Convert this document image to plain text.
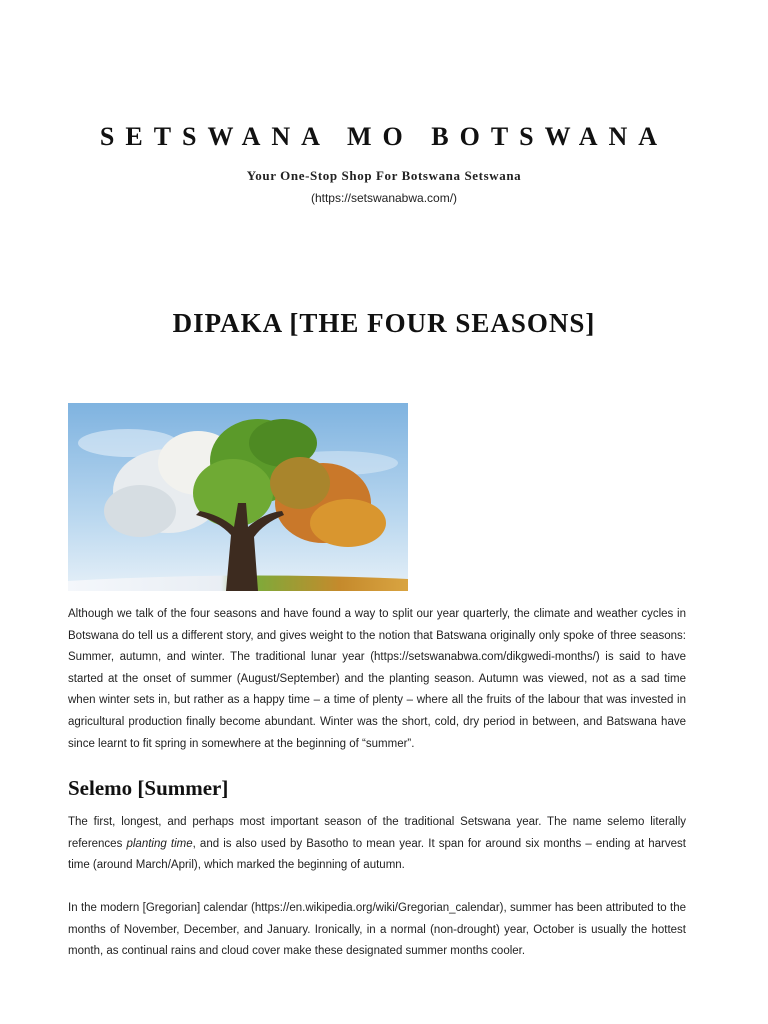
SETSWANA MO BOTSWANA
Your One-Stop Shop For Botswana Setswana
(https://setswanabwa.com/)
DIPAKA [THE FOUR SEASONS]

Although we talk of the four seasons and have found a way to split our year quarterly, the climate and weather cycles in Botswana do tell us a different story, and gives weight to the notion that Batswana originally only spoke of three seasons: Summer, autumn, and winter. The traditional lunar year (https://setswanabwa.com/dikgwedi-months/) is said to have started at the onset of summer (August/September) and the planting season. Autumn was viewed, not as a sad time when winter sets in, but rather as a happy time – a time of plenty – where all the fruits of the labour that was invested in agricultural production finally become abundant. Winter was the short, cold, dry period in between, and Batswana have since learnt to fit spring in somewhere at the beginning of “summer”.

Selemo [Summer]

The first, longest, and perhaps most important season of the traditional Setswana year. The name selemo literally references planting time, and is also used by Basotho to mean year. It span for around six months – ending at harvest time (around March/April), which marked the beginning of autumn.

In the modern [Gregorian] calendar (https://en.wikipedia.org/wiki/Gregorian_calendar), summer has been attributed to the months of November, December, and January. Ironically, in a normal (non-drought) year, October is usually the hottest month, as continual rains and cloud cover make these designated summer months cooler.
